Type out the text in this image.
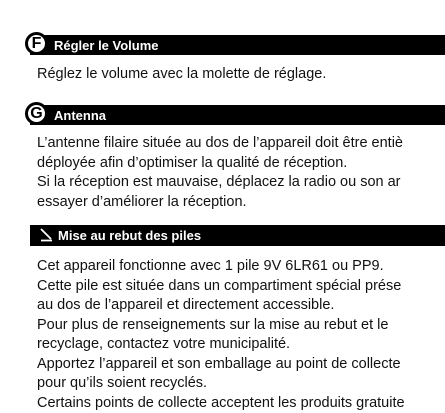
F Régler le Volume
Réglez le volume avec la molette de réglage.
G Antenna
L’antenne filaire située au dos de l’appareil doit être entiè
déployée afin d’optimiser la qualité de réception.
Si la réception est mauvaise, déplacez la radio ou son ar
essayer d’améliorer la réception.
Mise au rebut des piles
Cet appareil fonctionne avec 1 pile 9V 6LR61 ou PP9.
Cette pile est située dans un compartiment spécial prése
au dos de l’appareil et directement accessible.
Pour plus de renseignements sur la mise au rebut et le
recyclage, contactez votre municipalité.
Apportez l’appareil et son emballage au point de collecte
pour qu’ils soient recyclés.
Certains points de collecte acceptent les produits gratuite
